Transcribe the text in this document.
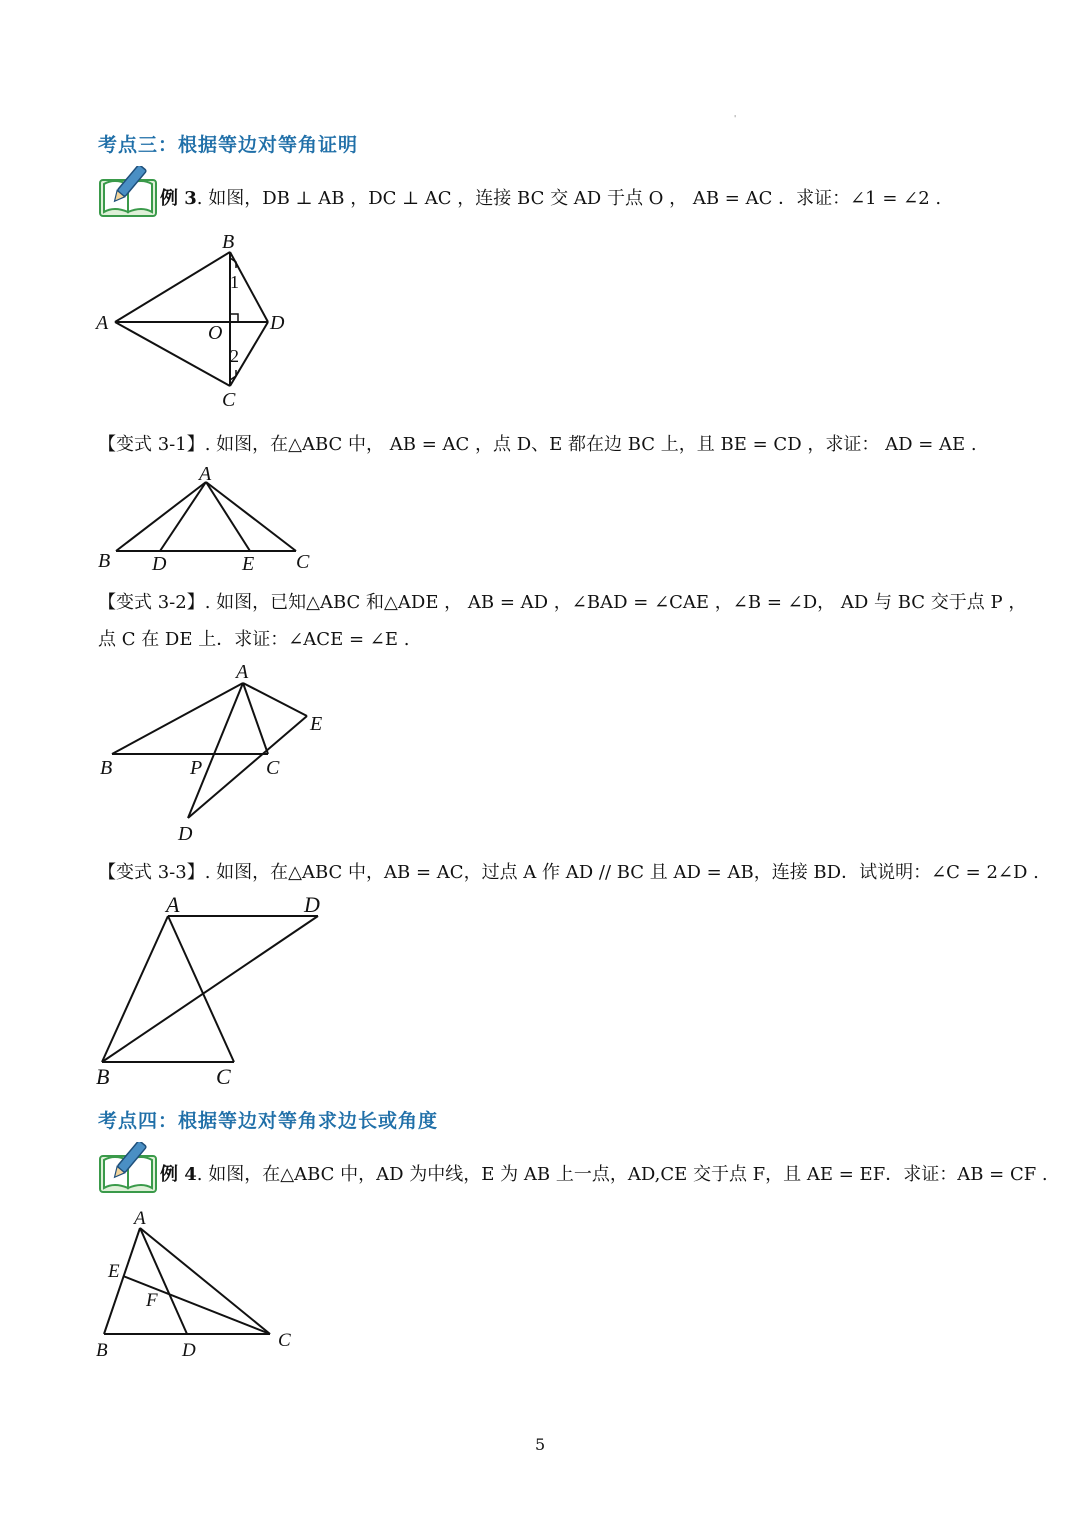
'
考点三：根据等边对等角证明
例 3. 如图，DB ⊥ AB ，DC ⊥ AC ，连接 BC 交 AD 于点 O ， AB = AC ．求证：∠1 = ∠2 .
B
A	D
O
C
1
2
【变式 3-1】. 如图，在△ABC 中， AB = AC ，点 D、E 都在边 BC 上，且 BE = CD ，求证： AD = AE .
A
B D	E C
【变式 3-2】. 如图，已知△ABC 和△ADE ， AB = AD ，∠BAD = ∠CAE ，∠B = ∠D， AD 与 BC 交于点 P ，
点 C 在 DE 上．求证：∠ACE = ∠E .
A
E
B	P	C
D
【变式 3-3】. 如图，在△ABC 中，AB = AC，过点 A 作 AD // BC 且 AD = AB，连接 BD．试说明：∠C = 2∠D .
A	D
B	C
考点四：根据等边对等角求边长或角度
例 4. 如图，在△ABC 中，AD 为中线，E 为 AB 上一点，AD,CE 交于点 F，且 AE = EF．求证：AB = CF .
A
E
F
B	D	C
5
